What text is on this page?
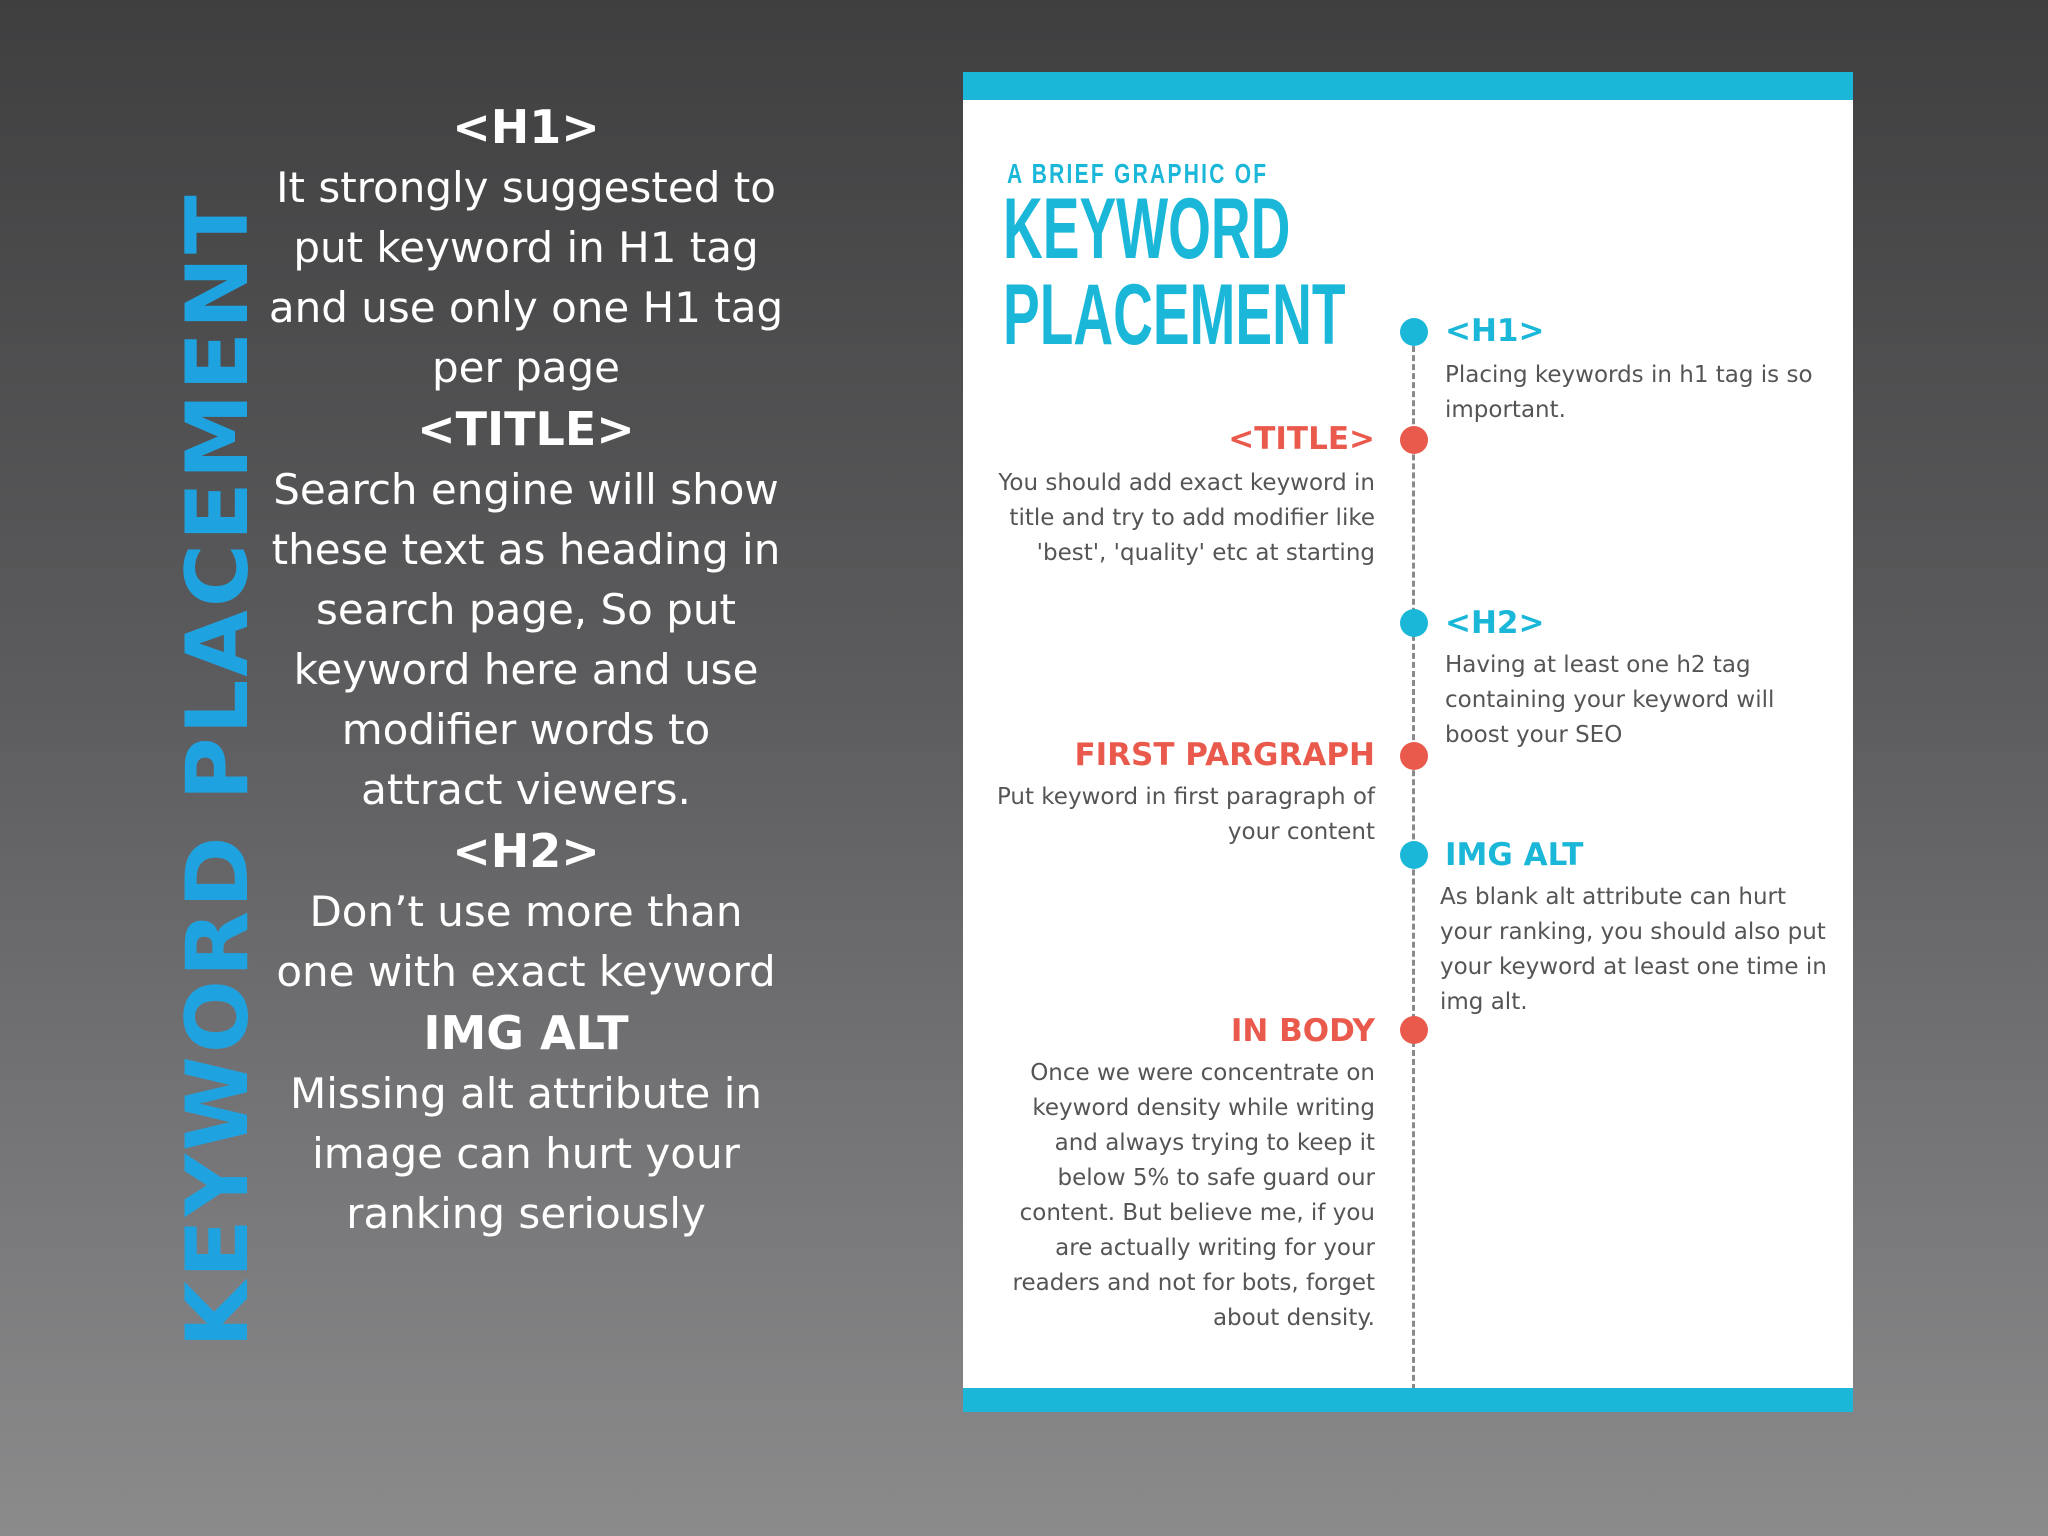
KEYWORD PLACEMENT

<H1>

It strongly suggested to put keyword in H1 tag and use only one H1 tag per page

<TITLE>

Search engine will show these text as heading in search page, So put keyword here and use modifier words to attract viewers.

<H2>

Don’t use more than one with exact keyword

IMG ALT

Missing alt attribute in image can hurt your ranking seriously

A BRIEF GRAPHIC OF
KEYWORD
PLACEMENT	<H1>
Placing keywords in h1 tag is so important.
<TITLE>
You should add exact keyword in title and try to add modifier like 'best', 'quality' etc at starting
<H2>
Having at least one h2 tag containing your keyword will boost your SEO
FIRST PARGRAPH
Put keyword in first paragraph of your content
IMG ALT
As blank alt attribute can hurt your ranking, you should also put your keyword at least one time in img alt.
IN BODY
Once we were concentrate on keyword density while writing and always trying to keep it below 5% to safe guard our content. But believe me, if you are actually writing for your readers and not for bots, forget about density.
